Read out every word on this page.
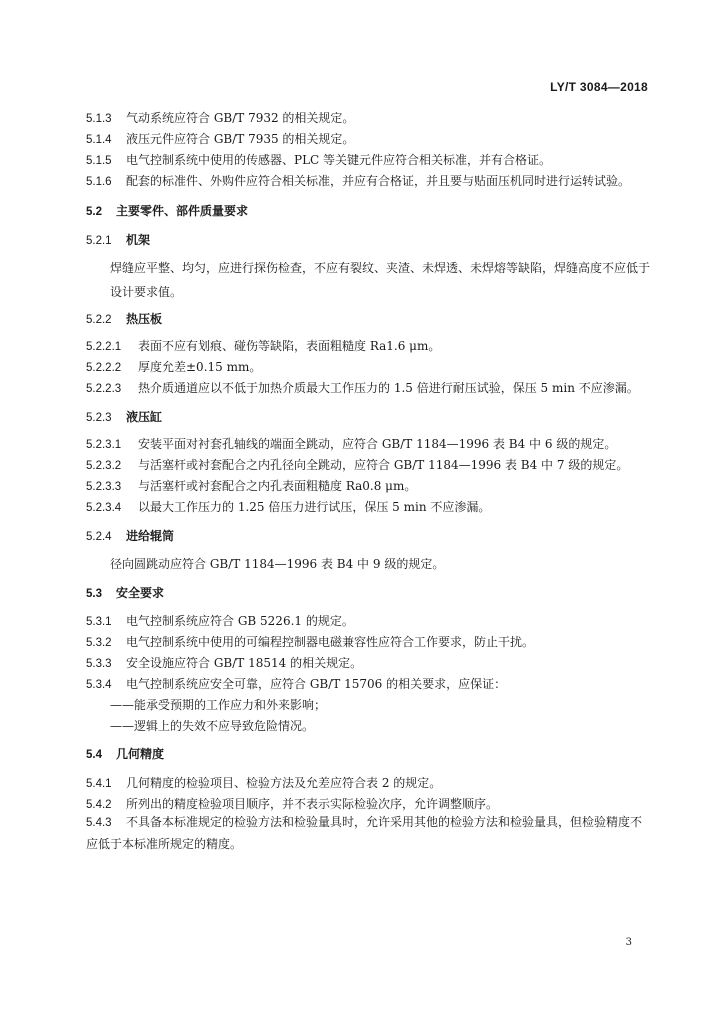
LY/T 3084—2018
5.1.3 气动系统应符合 GB/T 7932 的相关规定。
5.1.4 液压元件应符合 GB/T 7935 的相关规定。
5.1.5 电气控制系统中使用的传感器、PLC 等关键元件应符合相关标准，并有合格证。
5.1.6 配套的标准件、外购件应符合相关标准，并应有合格证，并且要与贴面压机同时进行运转试验。
5.2 主要零件、部件质量要求
5.2.1 机架
焊缝应平整、均匀，应进行探伤检查，不应有裂纹、夹渣、未焊透、未焊熔等缺陷，焊缝高度不应低于设计要求值。
5.2.2 热压板
5.2.2.1 表面不应有划痕、碰伤等缺陷，表面粗糙度 Ra1.6 μm。
5.2.2.2 厚度允差±0.15 mm。
5.2.2.3 热介质通道应以不低于加热介质最大工作压力的 1.5 倍进行耐压试验，保压 5 min 不应渗漏。
5.2.3 液压缸
5.2.3.1 安装平面对衬套孔轴线的端面全跳动，应符合 GB/T 1184—1996 表 B4 中 6 级的规定。
5.2.3.2 与活塞杆或衬套配合之内孔径向全跳动，应符合 GB/T 1184—1996 表 B4 中 7 级的规定。
5.2.3.3 与活塞杆或衬套配合之内孔表面粗糙度 Ra0.8 μm。
5.2.3.4 以最大工作压力的 1.25 倍压力进行试压，保压 5 min 不应渗漏。
5.2.4 进给辊筒
径向圆跳动应符合 GB/T 1184—1996 表 B4 中 9 级的规定。
5.3 安全要求
5.3.1 电气控制系统应符合 GB 5226.1 的规定。
5.3.2 电气控制系统中使用的可编程控制器电磁兼容性应符合工作要求，防止干扰。
5.3.3 安全设施应符合 GB/T 18514 的相关规定。
5.3.4 电气控制系统应安全可靠，应符合 GB/T 15706 的相关要求，应保证：
——能承受预期的工作应力和外来影响；
——逻辑上的失效不应导致危险情况。
5.4 几何精度
5.4.1 几何精度的检验项目、检验方法及允差应符合表 2 的规定。
5.4.2 所列出的精度检验项目顺序，并不表示实际检验次序，允许调整顺序。
5.4.3 不具备本标准规定的检验方法和检验量具时，允许采用其他的检验方法和检验量具，但检验精度不应低于本标准所规定的精度。
3
